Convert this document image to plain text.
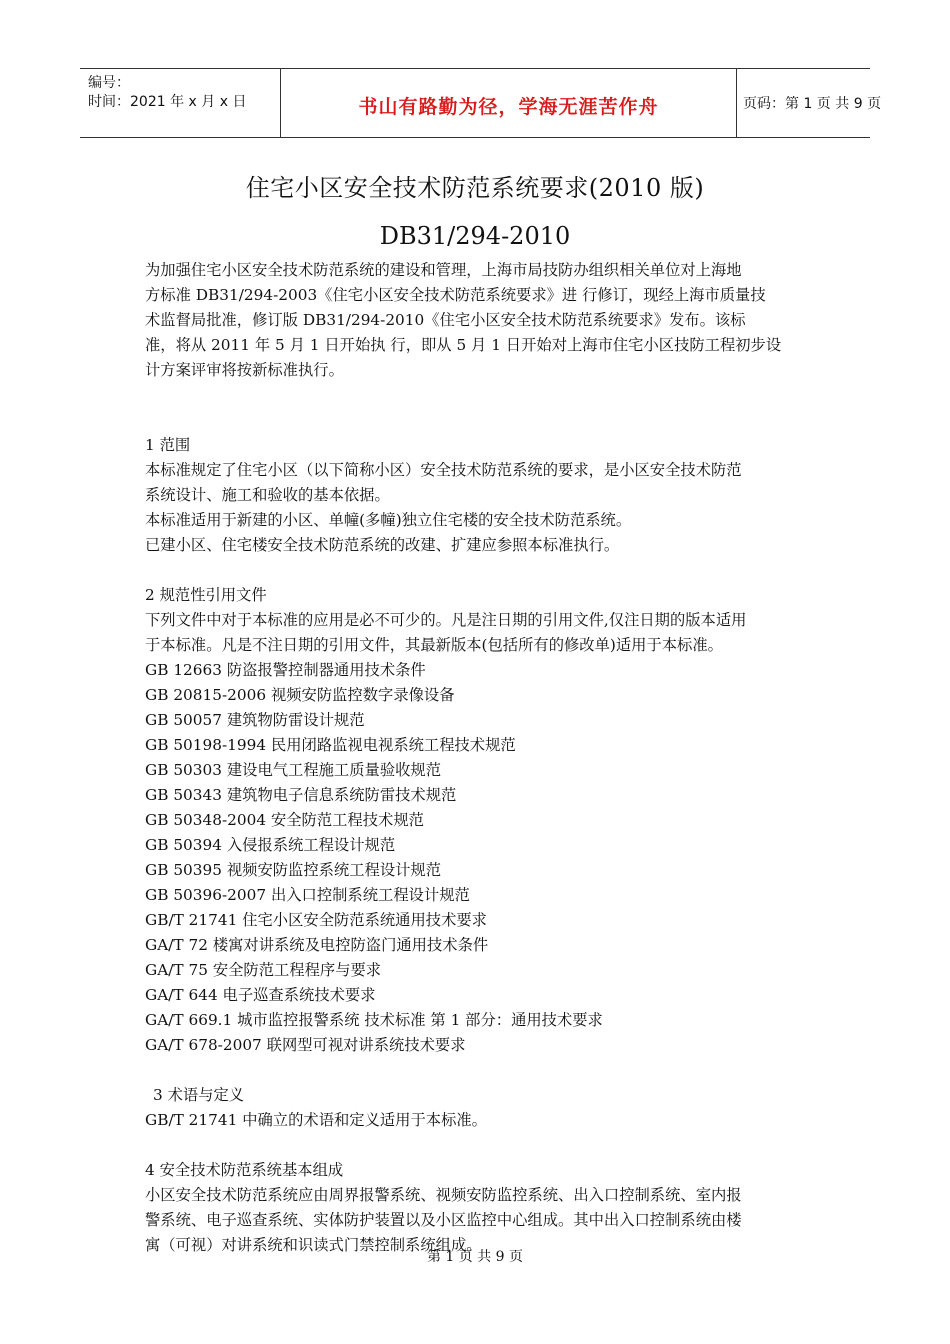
编号：
时间：2021 年 x 月 x 日	书山有路勤为径，学海无涯苦作舟	页码：第 1 页 共 9 页
住宅小区安全技术防范系统要求(2010 版)
DB31/294-2010

为加强住宅小区安全技术防范系统的建设和管理，上海市局技防办组织相关单位对上海地

方标准 DB31/294-2003《住宅小区安全技术防范系统要求》进 行修订，现经上海市质量技

术监督局批准，修订版 DB31/294-2010《住宅小区安全技术防范系统要求》发布。该标

准，将从 2011 年 5 月 1 日开始执 行，即从 5 月 1 日开始对上海市住宅小区技防工程初步设

计方案评审将按新标准执行。

1 范围

本标准规定了住宅小区（以下简称小区）安全技术防范系统的要求，是小区安全技术防范

系统设计、施工和验收的基本依据。

本标准适用于新建的小区、单幢(多幢)独立住宅楼的安全技术防范系统。

已建小区、住宅楼安全技术防范系统的改建、扩建应参照本标准执行。

2 规范性引用文件

下列文件中对于本标准的应用是必不可少的。凡是注日期的引用文件,仅注日期的版本适用

于本标准。凡是不注日期的引用文件，其最新版本(包括所有的修改单)适用于本标准。

GB 12663 防盗报警控制器通用技术条件

GB 20815-2006 视频安防监控数字录像设备

GB 50057 建筑物防雷设计规范

GB 50198-1994 民用闭路监视电视系统工程技术规范

GB 50303 建设电气工程施工质量验收规范

GB 50343 建筑物电子信息系统防雷技术规范

GB 50348-2004 安全防范工程技术规范

GB 50394 入侵报系统工程设计规范

GB 50395 视频安防监控系统工程设计规范

GB 50396-2007 出入口控制系统工程设计规范

GB/T 21741 住宅小区安全防范系统通用技术要求

GA/T 72 楼寓对讲系统及电控防盗门通用技术条件

GA/T 75 安全防范工程程序与要求

GA/T 644 电子巡查系统技术要求

GA/T 669.1 城市监控报警系统 技术标准 第 1 部分：通用技术要求

GA/T 678-2007 联网型可视对讲系统技术要求

3 术语与定义

GB/T 21741 中确立的术语和定义适用于本标准。

4 安全技术防范系统基本组成

小区安全技术防范系统应由周界报警系统、视频安防监控系统、出入口控制系统、室内报

警系统、电子巡查系统、实体防护装置以及小区监控中心组成。其中出入口控制系统由楼

寓（可视）对讲系统和识读式门禁控制系统组成。

第 1 页 共 9 页
